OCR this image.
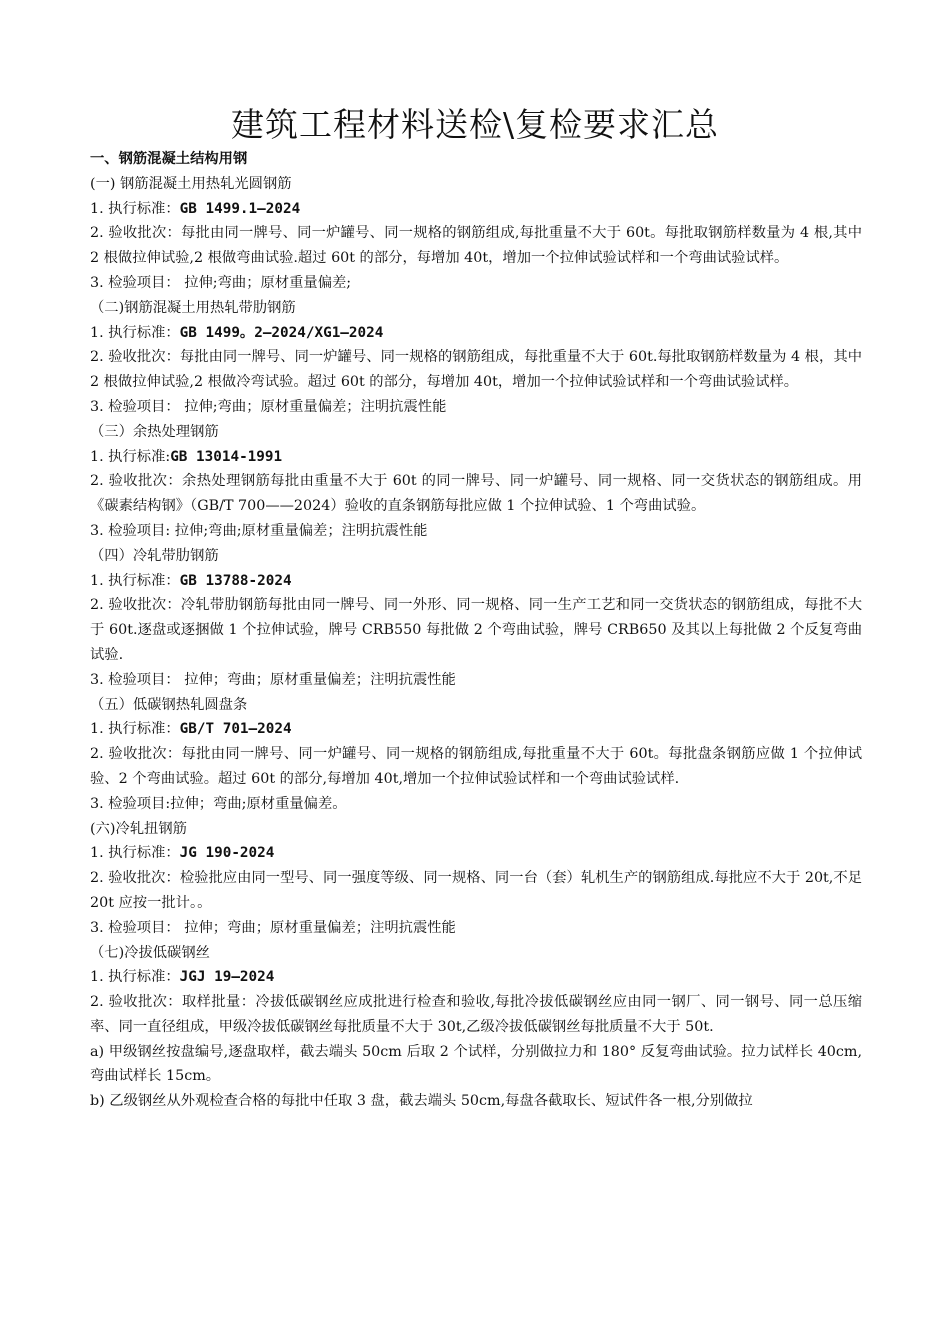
建筑工程材料送检\复检要求汇总
一、钢筋混凝土结构用钢
(一) 钢筋混凝土用热轧光圆钢筋
1. 执行标准：GB 1499.1—2024
2. 验收批次：每批由同一牌号、同一炉罐号、同一规格的钢筋组成,每批重量不大于 60t。每批取钢筋样数量为 4 根,其中 2 根做拉伸试验,2 根做弯曲试验.超过 60t 的部分，每增加 40t，增加一个拉伸试验试样和一个弯曲试验试样。
3. 检验项目： 拉伸;弯曲；原材重量偏差;
（二)钢筋混凝土用热轧带肋钢筋
1. 执行标准：GB 1499。2—2024/XG1—2024
2. 验收批次：每批由同一牌号、同一炉罐号、同一规格的钢筋组成，每批重量不大于 60t.每批取钢筋样数量为 4 根，其中 2 根做拉伸试验,2 根做冷弯试验。超过 60t 的部分，每增加 40t，增加一个拉伸试验试样和一个弯曲试验试样。
3. 检验项目： 拉伸;弯曲；原材重量偏差；注明抗震性能
（三）余热处理钢筋
1. 执行标准:GB 13014-1991
2. 验收批次：余热处理钢筋每批由重量不大于 60t 的同一牌号、同一炉罐号、同一规格、同一交货状态的钢筋组成。用《碳素结构钢》（GB/T 700——2024）验收的直条钢筋每批应做 1 个拉伸试验、1 个弯曲试验。
3. 检验项目: 拉伸;弯曲;原材重量偏差；注明抗震性能
（四）冷轧带肋钢筋
1. 执行标准：GB 13788-2024
2. 验收批次：冷轧带肋钢筋每批由同一牌号、同一外形、同一规格、同一生产工艺和同一交货状态的钢筋组成，每批不大于 60t.逐盘或逐捆做 1 个拉伸试验，牌号 CRB550 每批做 2 个弯曲试验，牌号 CRB650 及其以上每批做 2 个反复弯曲试验.
3. 检验项目： 拉伸；弯曲；原材重量偏差；注明抗震性能
（五）低碳钢热轧圆盘条
1. 执行标准：GB/T 701—2024
2. 验收批次：每批由同一牌号、同一炉罐号、同一规格的钢筋组成,每批重量不大于 60t。每批盘条钢筋应做 1 个拉伸试验、2 个弯曲试验。超过 60t 的部分,每增加 40t,增加一个拉伸试验试样和一个弯曲试验试样.
3. 检验项目:拉伸；弯曲;原材重量偏差。
(六)冷轧扭钢筋
1. 执行标准：JG 190-2024
2. 验收批次：检验批应由同一型号、同一强度等级、同一规格、同一台（套）轧机生产的钢筋组成.每批应不大于 20t,不足 20t 应按一批计。。
3. 检验项目： 拉伸；弯曲；原材重量偏差；注明抗震性能
（七)冷拔低碳钢丝
1. 执行标准：JGJ 19—2024
2. 验收批次：取样批量：冷拔低碳钢丝应成批进行检查和验收,每批冷拔低碳钢丝应由同一钢厂、同一钢号、同一总压缩率、同一直径组成，甲级冷拔低碳钢丝每批质量不大于 30t,乙级冷拔低碳钢丝每批质量不大于 50t.
a) 甲级钢丝按盘编号,逐盘取样，截去端头 50cm 后取 2 个试样，分别做拉力和 180° 反复弯曲试验。拉力试样长 40cm,弯曲试样长 15cm。
b) 乙级钢丝从外观检查合格的每批中任取 3 盘，截去端头 50cm,每盘各截取长、短试件各一根,分别做拉
